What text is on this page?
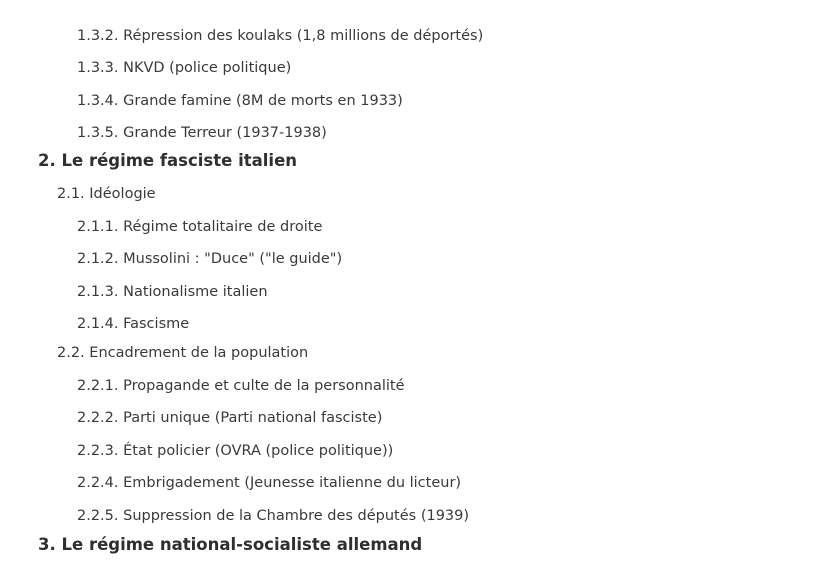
1.3.2. Répression des koulaks (1,8 millions de déportés)
1.3.3. NKVD (police politique)
1.3.4. Grande famine (8M de morts en 1933)
1.3.5. Grande Terreur (1937-1938)
2. Le régime fasciste italien
2.1. Idéologie
2.1.1. Régime totalitaire de droite
2.1.2. Mussolini : "Duce" ("le guide")
2.1.3. Nationalisme italien
2.1.4. Fascisme
2.2. Encadrement de la population
2.2.1. Propagande et culte de la personnalité
2.2.2. Parti unique (Parti national fasciste)
2.2.3. État policier (OVRA (police politique))
2.2.4. Embrigadement (Jeunesse italienne du licteur)
2.2.5. Suppression de la Chambre des députés (1939)
3. Le régime national-socialiste allemand
